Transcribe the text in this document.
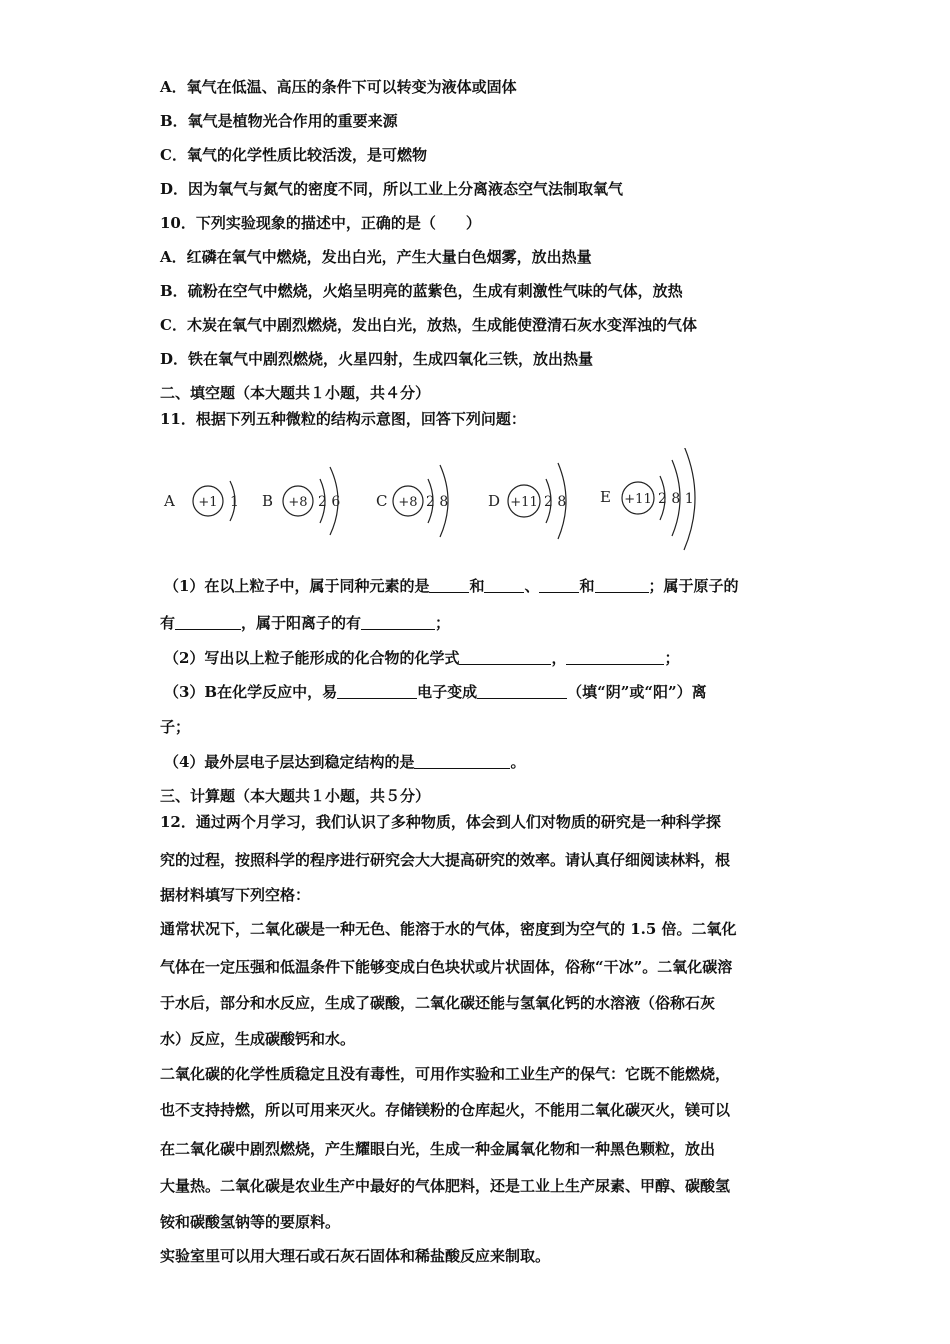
A．氧气在低温、高压的条件下可以转变为液体或固体
B．氧气是植物光合作用的重要来源
C．氧气的化学性质比较活泼，是可燃物
D．因为氧气与氮气的密度不同，所以工业上分离液态空气法制取氧气
10．下列实验现象的描述中，正确的是（　　）
A．红磷在氧气中燃烧，发出白光，产生大量白色烟雾，放出热量
B．硫粉在空气中燃烧，火焰呈明亮的蓝紫色，生成有刺激性气味的气体，放热
C．木炭在氧气中剧烈燃烧，发出白光，放热，生成能使澄清石灰水变浑浊的气体
D．铁在氧气中剧烈燃烧，火星四射，生成四氧化三铁，放出热量
二、填空题（本大题共１小题，共４分）
11．根据下列五种微粒的结构示意图，回答下列问题：
A +1 1 B +8 2 6 C +8 2 8	D +11 2 8 E +11 2 8 1
（1）在以上粒子中，属于同种元素的是	和	、	和	；属于原子的
有	，属于阳离子的有	；
（2）写出以上粒子能形成的化合物的化学式	，	；
（3）B在化学反应中，易	电子变成	（填“阴”或“阳”）离
子；
（4）最外层电子层达到稳定结构的是	。
三、计算题（本大题共１小题，共５分）
12．通过两个月学习，我们认识了多种物质，体会到人们对物质的研究是一种科学探
究的过程，按照科学的程序进行研究会大大提高研究的效率。请认真仔细阅读林料，根
据材料填写下列空格：
通常状况下，二氧化碳是一种无色、能溶于水的气体，密度到为空气的 1.5 倍。二氧化
气体在一定压强和低温条件下能够变成白色块状或片状固体，俗称“干冰”。二氧化碳溶
于水后，部分和水反应，生成了碳酸，二氧化碳还能与氢氧化钙的水溶液（俗称石灰
水）反应，生成碳酸钙和水。
二氧化碳的化学性质稳定且没有毒性，可用作实验和工业生产的保气：它既不能燃烧，
也不支持持燃，所以可用来灭火。存储镁粉的仓库起火，不能用二氧化碳灭火，镁可以
在二氧化碳中剧烈燃烧，产生耀眼白光，生成一种金属氧化物和一种黑色颗粒，放出
大量热。二氧化碳是农业生产中最好的气体肥料，还是工业上生产尿素、甲醇、碳酸氢
铵和碳酸氢钠等的要原料。
实验室里可以用大理石或石灰石固体和稀盐酸反应来制取。
